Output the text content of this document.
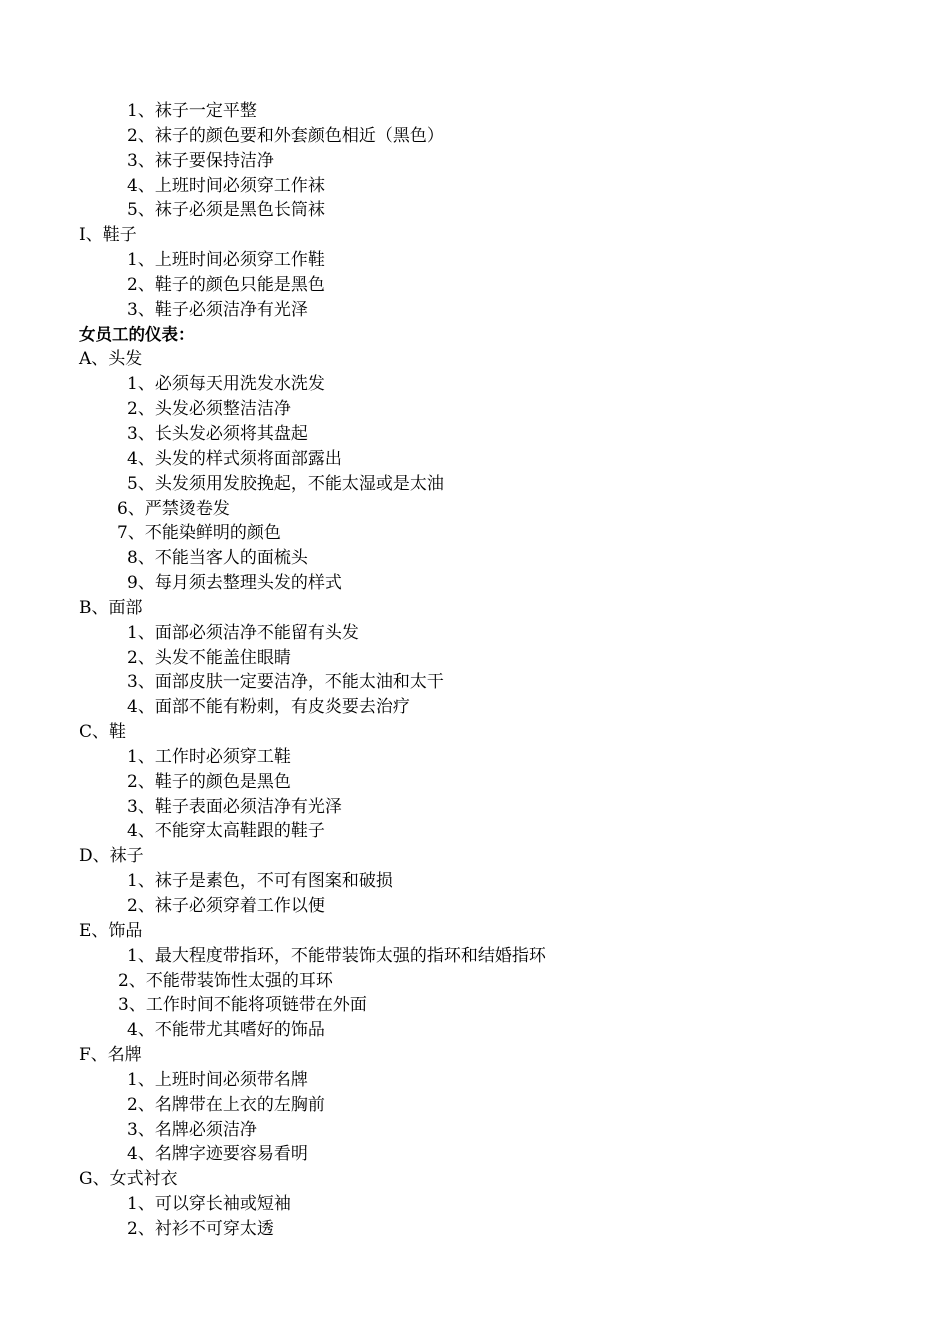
1、袜子一定平整
2、袜子的颜色要和外套颜色相近（黑色）
3、袜子要保持洁净
4、上班时间必须穿工作袜
5、袜子必须是黑色长筒袜
I、鞋子
1、上班时间必须穿工作鞋
2、鞋子的颜色只能是黑色
3、鞋子必须洁净有光泽
女员工的仪表：
A、头发
1、必须每天用洗发水洗发
2、头发必须整洁洁净
3、长头发必须将其盘起
4、头发的样式须将面部露出
5、头发须用发胶挽起，不能太湿或是太油
6、严禁烫卷发
7、不能染鲜明的颜色
8、不能当客人的面梳头
9、每月须去整理头发的样式
B、面部
1、面部必须洁净不能留有头发
2、头发不能盖住眼睛
3、面部皮肤一定要洁净，不能太油和太干
4、面部不能有粉刺，有皮炎要去治疗
C、鞋
1、工作时必须穿工鞋
2、鞋子的颜色是黑色
3、鞋子表面必须洁净有光泽
4、不能穿太高鞋跟的鞋子
D、袜子
1、袜子是素色，不可有图案和破损
2、袜子必须穿着工作以便
E、饰品
1、最大程度带指环，不能带装饰太强的指环和结婚指环
2、不能带装饰性太强的耳环
3、工作时间不能将项链带在外面
4、不能带尤其嗜好的饰品
F、名牌
1、上班时间必须带名牌
2、名牌带在上衣的左胸前
3、名牌必须洁净
4、名牌字迹要容易看明
G、女式衬衣
1、可以穿长袖或短袖
2、衬衫不可穿太透
